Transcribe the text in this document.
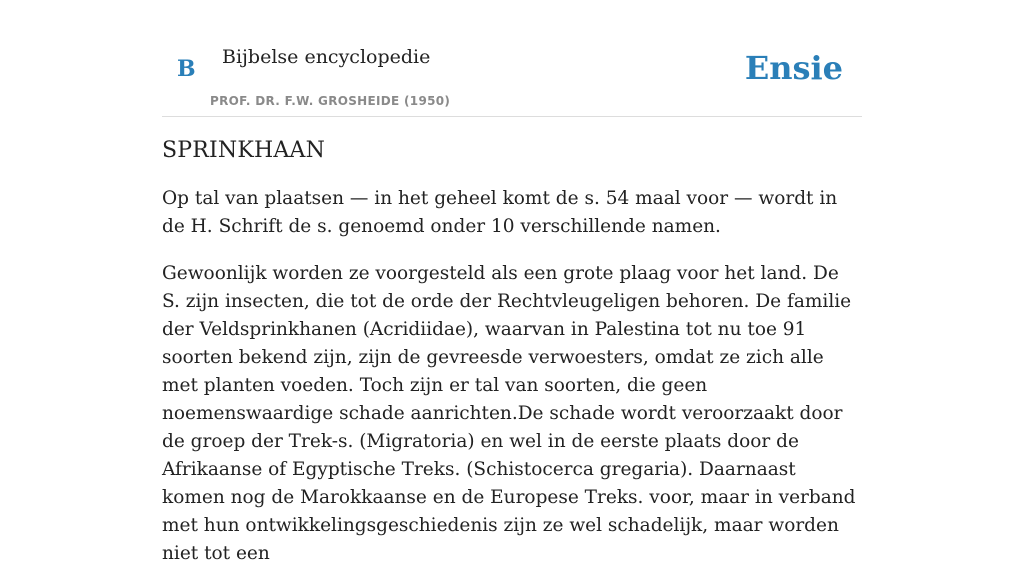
B Bijbelse encyclopedie
PROF. DR. F.W. GROSHEIDE (1950)
Ensie
SPRINKHAAN

Op tal van plaatsen — in het geheel komt de s. 54 maal voor — wordt in de H. Schrift de s. genoemd onder 10 verschillende namen.

Gewoonlijk worden ze voorgesteld als een grote plaag voor het land. De S. zijn insecten, die tot de orde der Rechtvleugeligen behoren. De familie der Veldsprinkhanen (Acridiidae), waarvan in Palestina tot nu toe 91 soorten bekend zijn, zijn de gevreesde verwoesters, omdat ze zich alle met planten voeden. Toch zijn er tal van soorten, die geen noemenswaardige schade aanrichten.De schade wordt veroorzaakt door de groep der Trek-s. (Migratoria) en wel in de eerste plaats door de Afrikaanse of Egyptische Treks. (Schistocerca gregaria). Daarnaast komen nog de Marokkaanse en de Europese Treks. voor, maar in verband met hun ontwikkelingsgeschiedenis zijn ze wel schadelijk, maar worden niet tot een
